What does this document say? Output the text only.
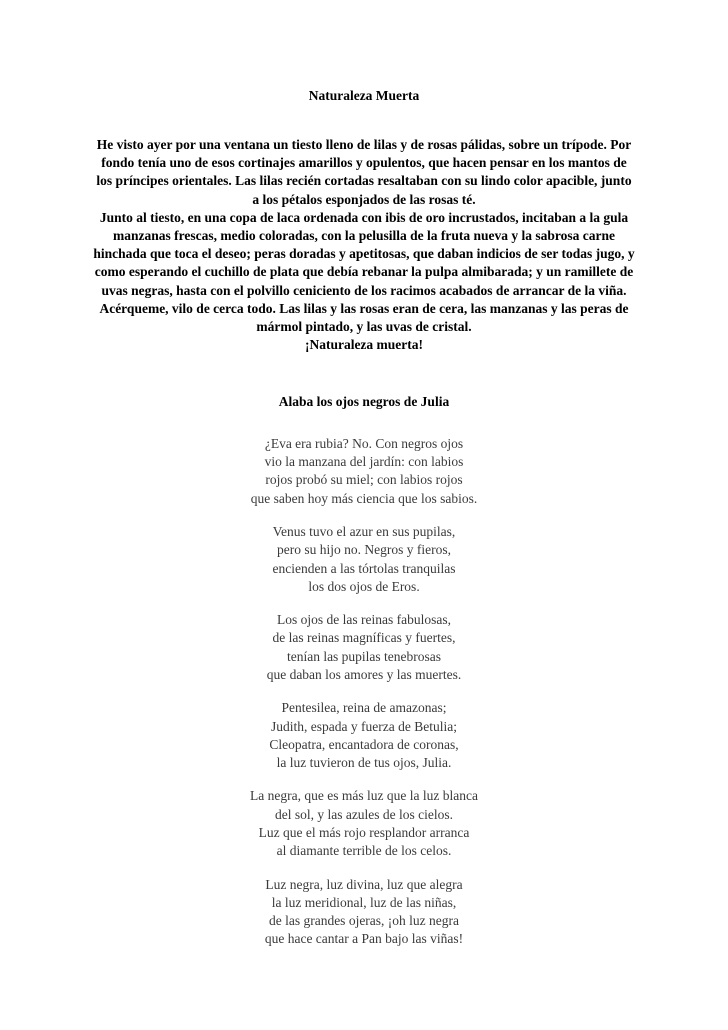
Naturaleza Muerta
He visto ayer por una ventana un tiesto lleno de lilas y de rosas pálidas, sobre un trípode. Por
fondo tenía uno de esos cortinajes amarillos y opulentos, que hacen pensar en los mantos de
los príncipes orientales. Las lilas recién cortadas resaltaban con su lindo color apacible, junto
a los pétalos esponjados de las rosas té.
Junto al tiesto, en una copa de laca ordenada con ibis de oro incrustados, incitaban a la gula
manzanas frescas, medio coloradas, con la pelusilla de la fruta nueva y la sabrosa carne
hinchada que toca el deseo; peras doradas y apetitosas, que daban indicios de ser todas jugo, y
como esperando el cuchillo de plata que debía rebanar la pulpa almibarada; y un ramillete de
uvas negras, hasta con el polvillo ceniciento de los racimos acabados de arrancar de la viña.
Acérqueme, vilo de cerca todo. Las lilas y las rosas eran de cera, las manzanas y las peras de
mármol pintado, y las uvas de cristal.
¡Naturaleza muerta!
Alaba los ojos negros de Julia
¿Eva era rubia? No. Con negros ojos
vio la manzana del jardín: con labios
rojos probó su miel; con labios rojos
que saben hoy más ciencia que los sabios.
Venus tuvo el azur en sus pupilas,
pero su hijo no. Negros y fieros,
encienden a las tórtolas tranquilas
los dos ojos de Eros.
Los ojos de las reinas fabulosas,
de las reinas magníficas y fuertes,
tenían las pupilas tenebrosas
que daban los amores y las muertes.
Pentesilea, reina de amazonas;
Judith, espada y fuerza de Betulia;
Cleopatra, encantadora de coronas,
la luz tuvieron de tus ojos, Julia.
La negra, que es más luz que la luz blanca
del sol, y las azules de los cielos.
Luz que el más rojo resplandor arranca
al diamante terrible de los celos.
Luz negra, luz divina, luz que alegra
la luz meridional, luz de las niñas,
de las grandes ojeras, ¡oh luz negra
que hace cantar a Pan bajo las viñas!
